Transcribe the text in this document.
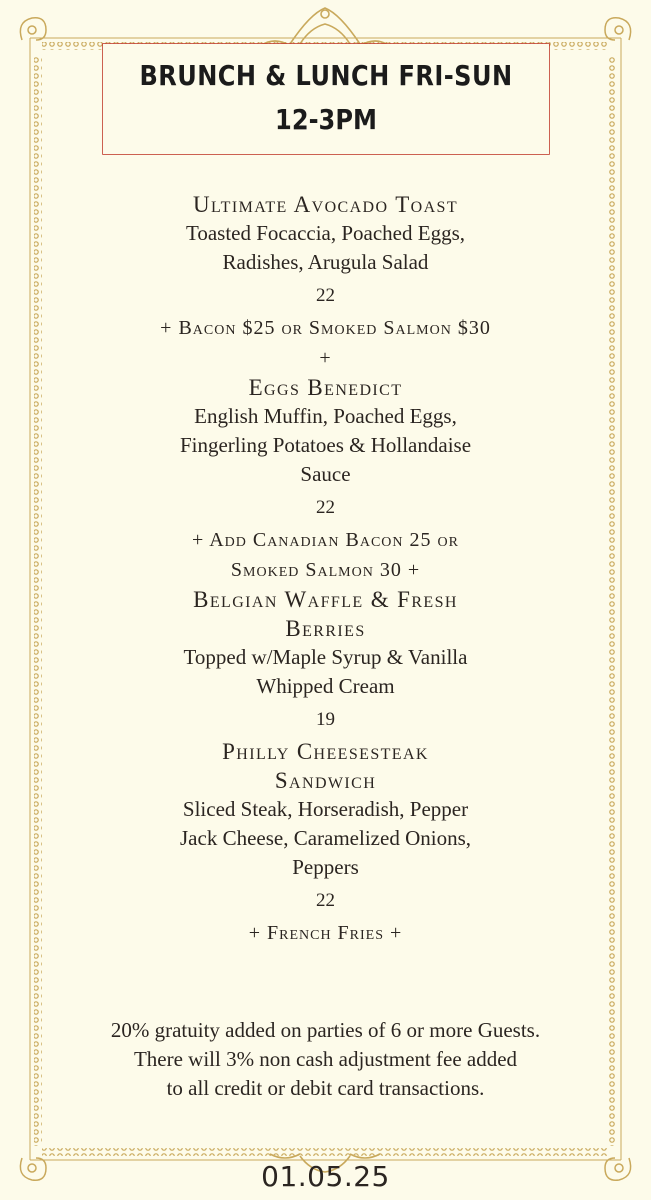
BRUNCH & LUNCH FRI-SUN
12-3PM
Ultimate Avocado Toast
Toasted Focaccia, Poached Eggs,
Radishes, Arugula Salad
22
+ Bacon $25 or Smoked Salmon $30
+
Eggs Benedict
English Muffin, Poached Eggs,
Fingerling Potatoes & Hollandaise
Sauce
22
+ Add Canadian Bacon 25 or
Smoked Salmon 30 +
Belgian Waffle & Fresh
Berries
Topped w/Maple Syrup & Vanilla
Whipped Cream
19
Philly Cheesesteak
Sandwich
Sliced Steak, Horseradish, Pepper
Jack Cheese, Caramelized Onions,
Peppers
22
+ French Fries +
20% gratuity added on parties of 6 or more Guests.
There will 3% non cash adjustment fee added
to all credit or debit card transactions.
01.05.25
